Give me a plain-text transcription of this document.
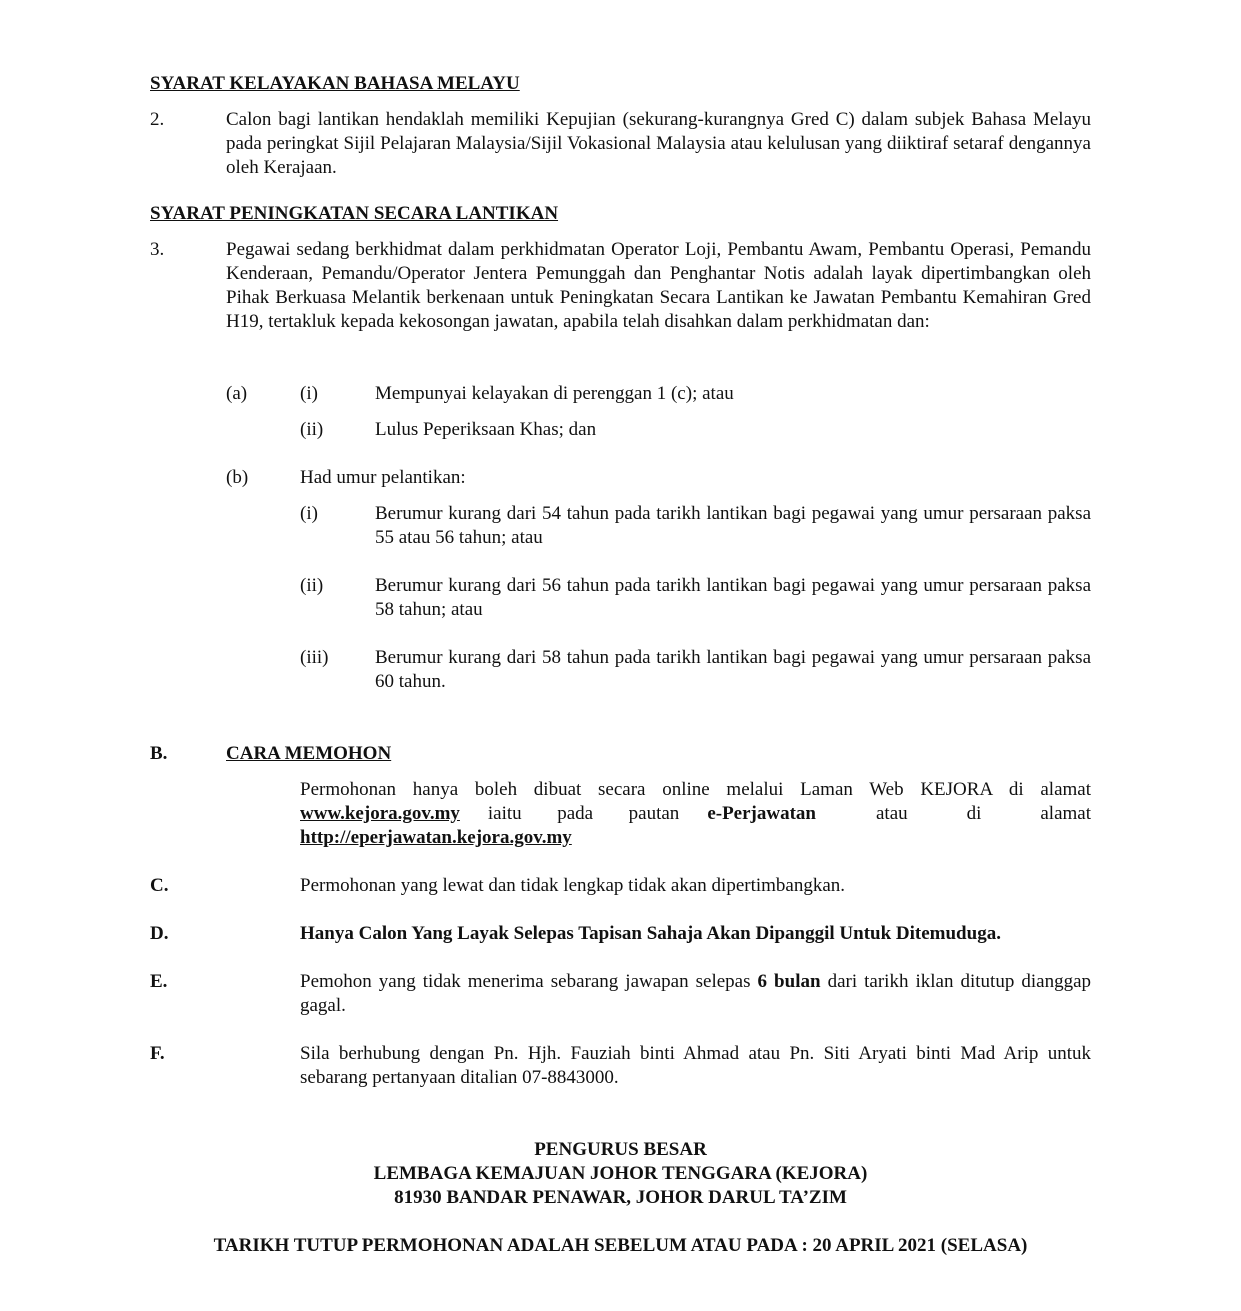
SYARAT KELAYAKAN BAHASA MELAYU
2.	Calon bagi lantikan hendaklah memiliki Kepujian (sekurang-kurangnya Gred C) dalam subjek Bahasa Melayu pada peringkat Sijil Pelajaran Malaysia/Sijil Vokasional Malaysia atau kelulusan yang diiktiraf setaraf dengannya oleh Kerajaan.
SYARAT PENINGKATAN SECARA LANTIKAN
3.	Pegawai sedang berkhidmat dalam perkhidmatan Operator Loji, Pembantu Awam, Pembantu Operasi, Pemandu Kenderaan, Pemandu/Operator Jentera Pemunggah dan Penghantar Notis adalah layak dipertimbangkan oleh Pihak Berkuasa Melantik berkenaan untuk Peningkatan Secara Lantikan ke Jawatan Pembantu Kemahiran Gred H19, tertakluk kepada kekosongan jawatan, apabila telah disahkan dalam perkhidmatan dan:
(a)	(i)	Mempunyai kelayakan di perenggan 1 (c); atau
(ii)	Lulus Peperiksaan Khas; dan
(b)	Had umur pelantikan:
(i)	Berumur kurang dari 54 tahun pada tarikh lantikan bagi pegawai yang umur persaraan paksa 55 atau 56 tahun; atau
(ii)	Berumur kurang dari 56 tahun pada tarikh lantikan bagi pegawai yang umur persaraan paksa 58 tahun; atau
(iii) Berumur kurang dari 58 tahun pada tarikh lantikan bagi pegawai yang umur persaraan paksa 60 tahun.
B.	CARA MEMOHON
Permohonan hanya boleh dibuat secara online melalui Laman Web KEJORA di alamat
www.kejora.gov.my	iaitu pada pautan	e-Perjawatan	atau di alamat
http://eperjawatan.kejora.gov.my
C.	Permohonan yang lewat dan tidak lengkap tidak akan dipertimbangkan.
D.	Hanya Calon Yang Layak Selepas Tapisan Sahaja Akan Dipanggil Untuk Ditemuduga.
E.	Pemohon yang tidak menerima sebarang jawapan selepas 6 bulan dari tarikh iklan ditutup dianggap gagal.
F.	Sila berhubung dengan Pn. Hjh. Fauziah binti Ahmad atau Pn. Siti Aryati binti Mad Arip untuk sebarang pertanyaan ditalian 07-8843000.
PENGURUS BESAR
LEMBAGA KEMAJUAN JOHOR TENGGARA (KEJORA)
81930 BANDAR PENAWAR, JOHOR DARUL TA’ZIM
TARIKH TUTUP PERMOHONAN ADALAH SEBELUM ATAU PADA : 20 APRIL 2021 (SELASA)
